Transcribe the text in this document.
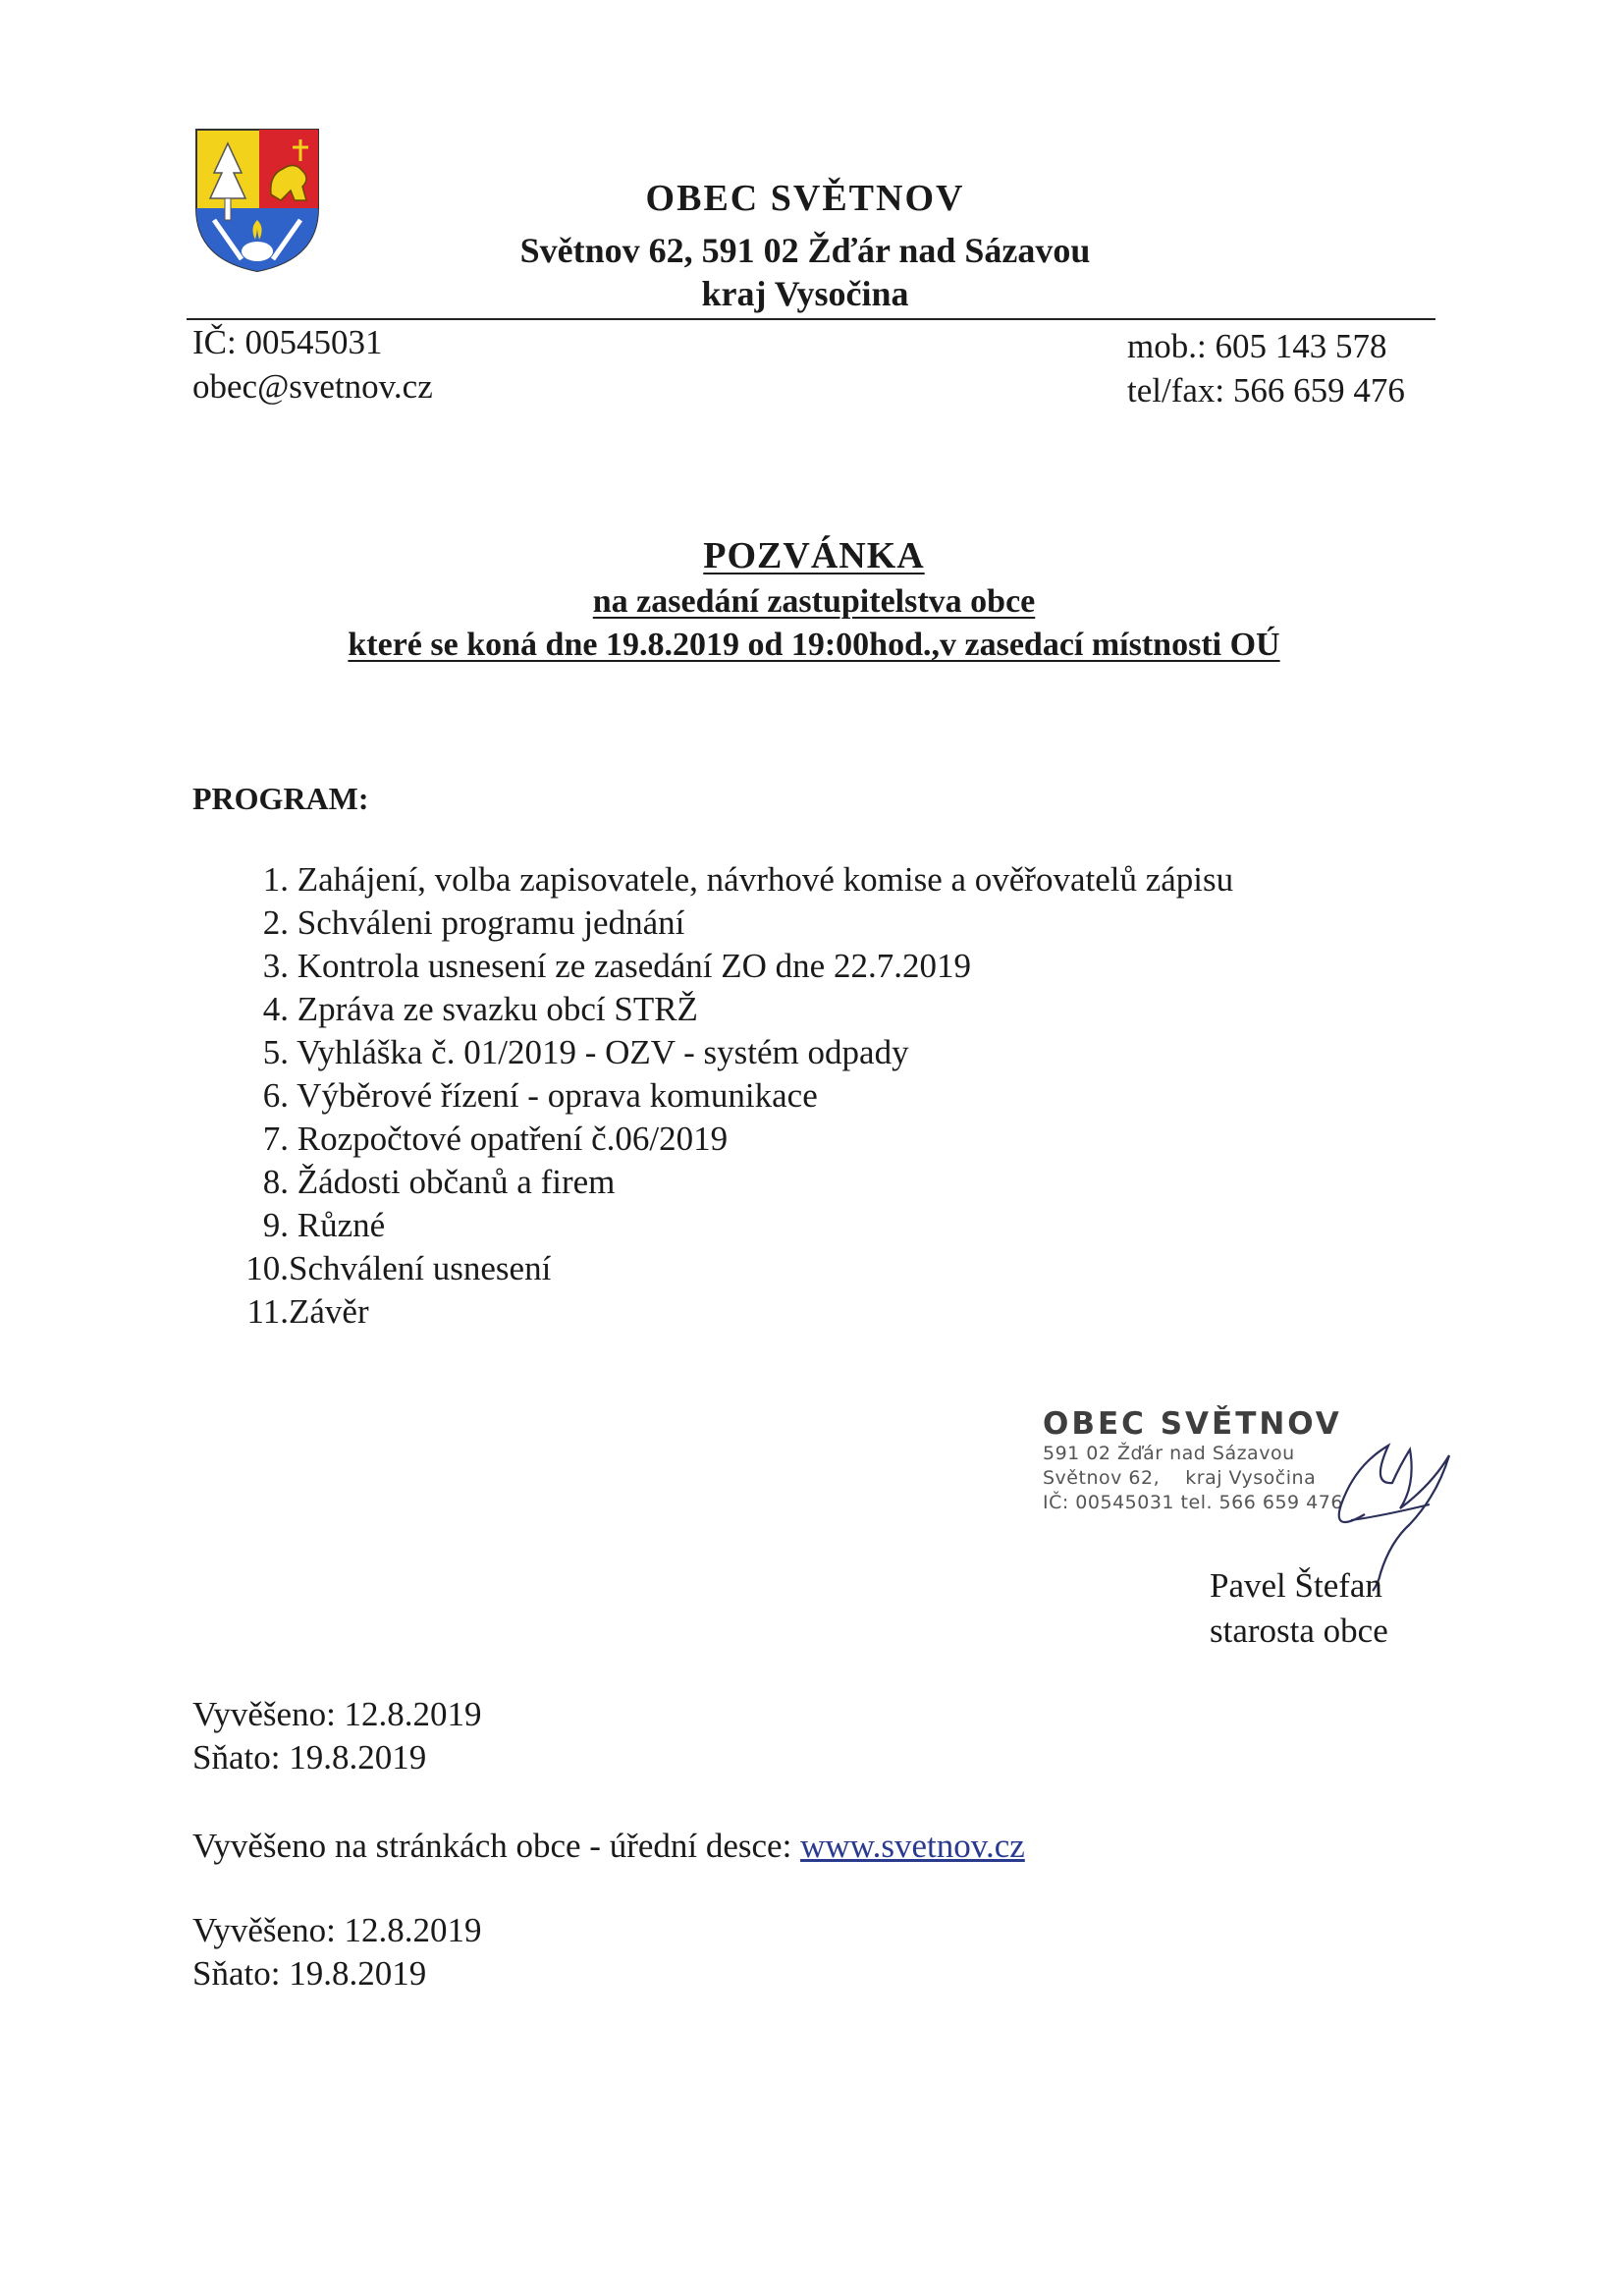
OBEC SVĚTNOV
Světnov 62, 591 02 Žďár nad Sázavou
kraj Vysočina
IČ: 00545031
obec@svetnov.cz
mob.: 605 143 578
tel/fax: 566 659 476
POZVÁNKA
na zasedání zastupitelstva obce
které se koná dne 19.8.2019 od 19:00hod.,v zasedací místnosti OÚ
PROGRAM:
1. Zahájení, volba zapisovatele, návrhové komise a ověřovatelů zápisu
2. Schváleni programu jednání
3. Kontrola usnesení ze zasedání ZO dne 22.7.2019
4. Zpráva ze svazku obcí STRŽ
5. Vyhláška č. 01/2019 - OZV - systém odpady
6. Výběrové řízení - oprava komunikace
7. Rozpočtové opatření č.06/2019
8. Žádosti občanů a firem
9. Různé
10.Schválení usnesení
11.Závěr
OBEC SVĚTNOV
591 02 Žďár nad Sázavou
Světnov 62,    kraj Vysočina
IČ: 00545031 tel. 566 659 476
Pavel Štefan
starosta obce
Vyvěšeno: 12.8.2019
Sňato: 19.8.2019
Vyvěšeno na stránkách obce - úřední desce: www.svetnov.cz
Vyvěšeno: 12.8.2019
Sňato: 19.8.2019
